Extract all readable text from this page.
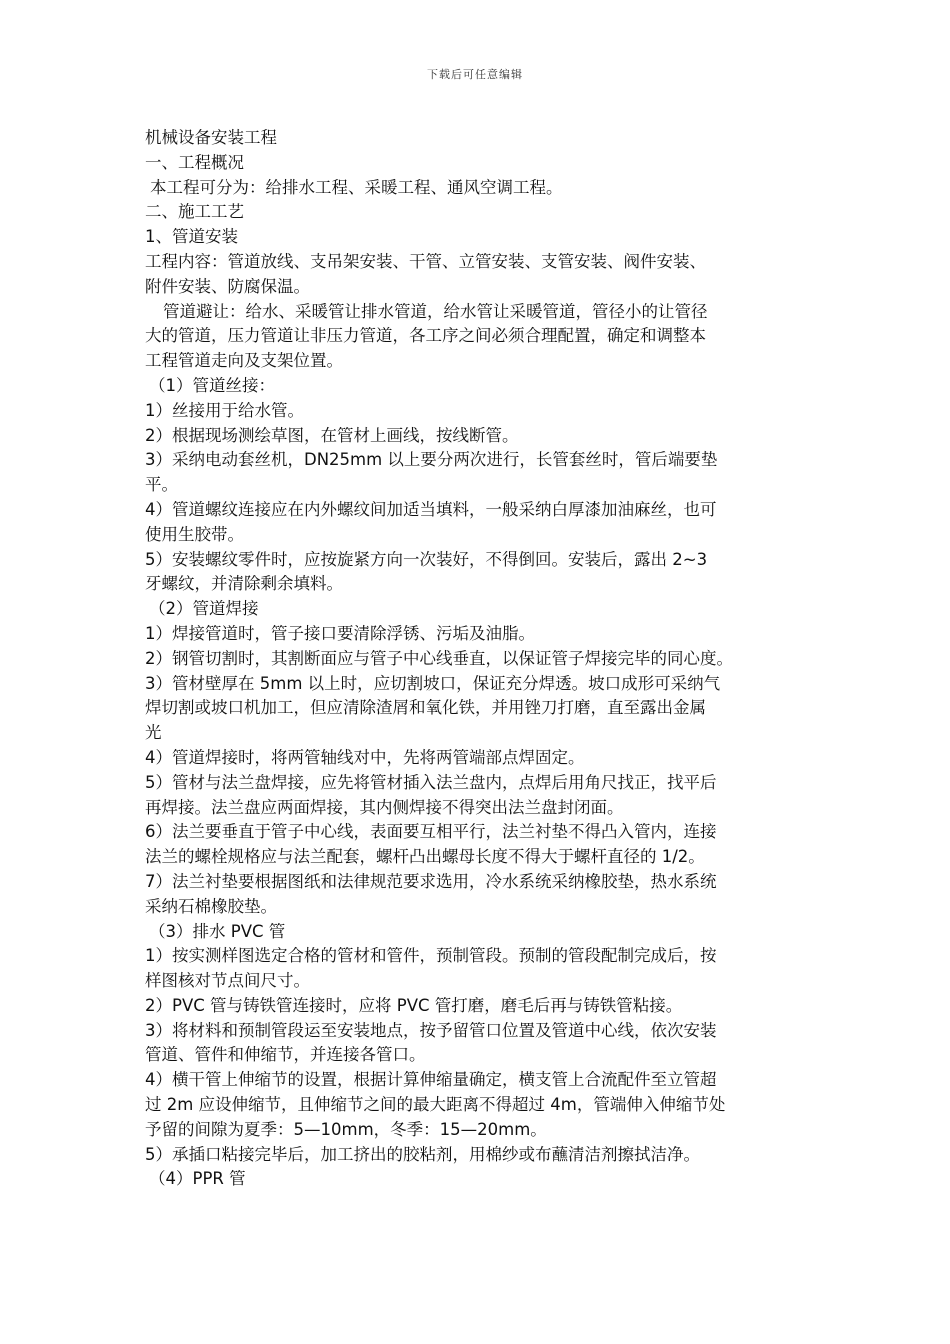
下载后可任意编辑
机械设备安装工程
一、工程概况
本工程可分为：给排水工程、采暖工程、通风空调工程。
二、施工工艺
1、管道安装
工程内容：管道放线、支吊架安装、干管、立管安装、支管安装、阀件安装、
附件安装、防腐保温。
管道避让：给水、采暖管让排水管道，给水管让采暖管道，管径小的让管径
大的管道，压力管道让非压力管道，各工序之间必须合理配置，确定和调整本
工程管道走向及支架位置。
（1）管道丝接：
1）丝接用于给水管。
2）根据现场测绘草图，在管材上画线，按线断管。
3）采纳电动套丝机，DN25mm 以上要分两次进行，长管套丝时，管后端要垫
平。
4）管道螺纹连接应在内外螺纹间加适当填料，一般采纳白厚漆加油麻丝，也可
使用生胶带。
5）安装螺纹零件时，应按旋紧方向一次装好，不得倒回。安装后，露出 2~3
牙螺纹，并清除剩余填料。
（2）管道焊接
1）焊接管道时，管子接口要清除浮锈、污垢及油脂。
2）钢管切割时，其割断面应与管子中心线垂直，以保证管子焊接完毕的同心度。
3）管材壁厚在 5mm 以上时，应切割坡口，保证充分焊透。坡口成形可采纳气
焊切割或坡口机加工，但应清除渣屑和氧化铁，并用锉刀打磨，直至露出金属
光
4）管道焊接时，将两管轴线对中，先将两管端部点焊固定。
5）管材与法兰盘焊接，应先将管材插入法兰盘内，点焊后用角尺找正，找平后
再焊接。法兰盘应两面焊接，其内侧焊接不得突出法兰盘封闭面。
6）法兰要垂直于管子中心线，表面要互相平行，法兰衬垫不得凸入管内，连接
法兰的螺栓规格应与法兰配套，螺杆凸出螺母长度不得大于螺杆直径的 1/2。
7）法兰衬垫要根据图纸和法律规范要求选用，冷水系统采纳橡胶垫，热水系统
采纳石棉橡胶垫。
（3）排水 PVC 管
1）按实测样图选定合格的管材和管件，预制管段。预制的管段配制完成后，按
样图核对节点间尺寸。
2）PVC 管与铸铁管连接时，应将 PVC 管打磨，磨毛后再与铸铁管粘接。
3）将材料和预制管段运至安装地点，按予留管口位置及管道中心线，依次安装
管道、管件和伸缩节，并连接各管口。
4）横干管上伸缩节的设置，根据计算伸缩量确定，横支管上合流配件至立管超
过 2m 应设伸缩节，且伸缩节之间的最大距离不得超过 4m，管端伸入伸缩节处
予留的间隙为夏季：5—10mm，冬季：15—20mm。
5）承插口粘接完毕后，加工挤出的胶粘剂，用棉纱或布蘸清洁剂擦拭洁净。
（4）PPR 管
